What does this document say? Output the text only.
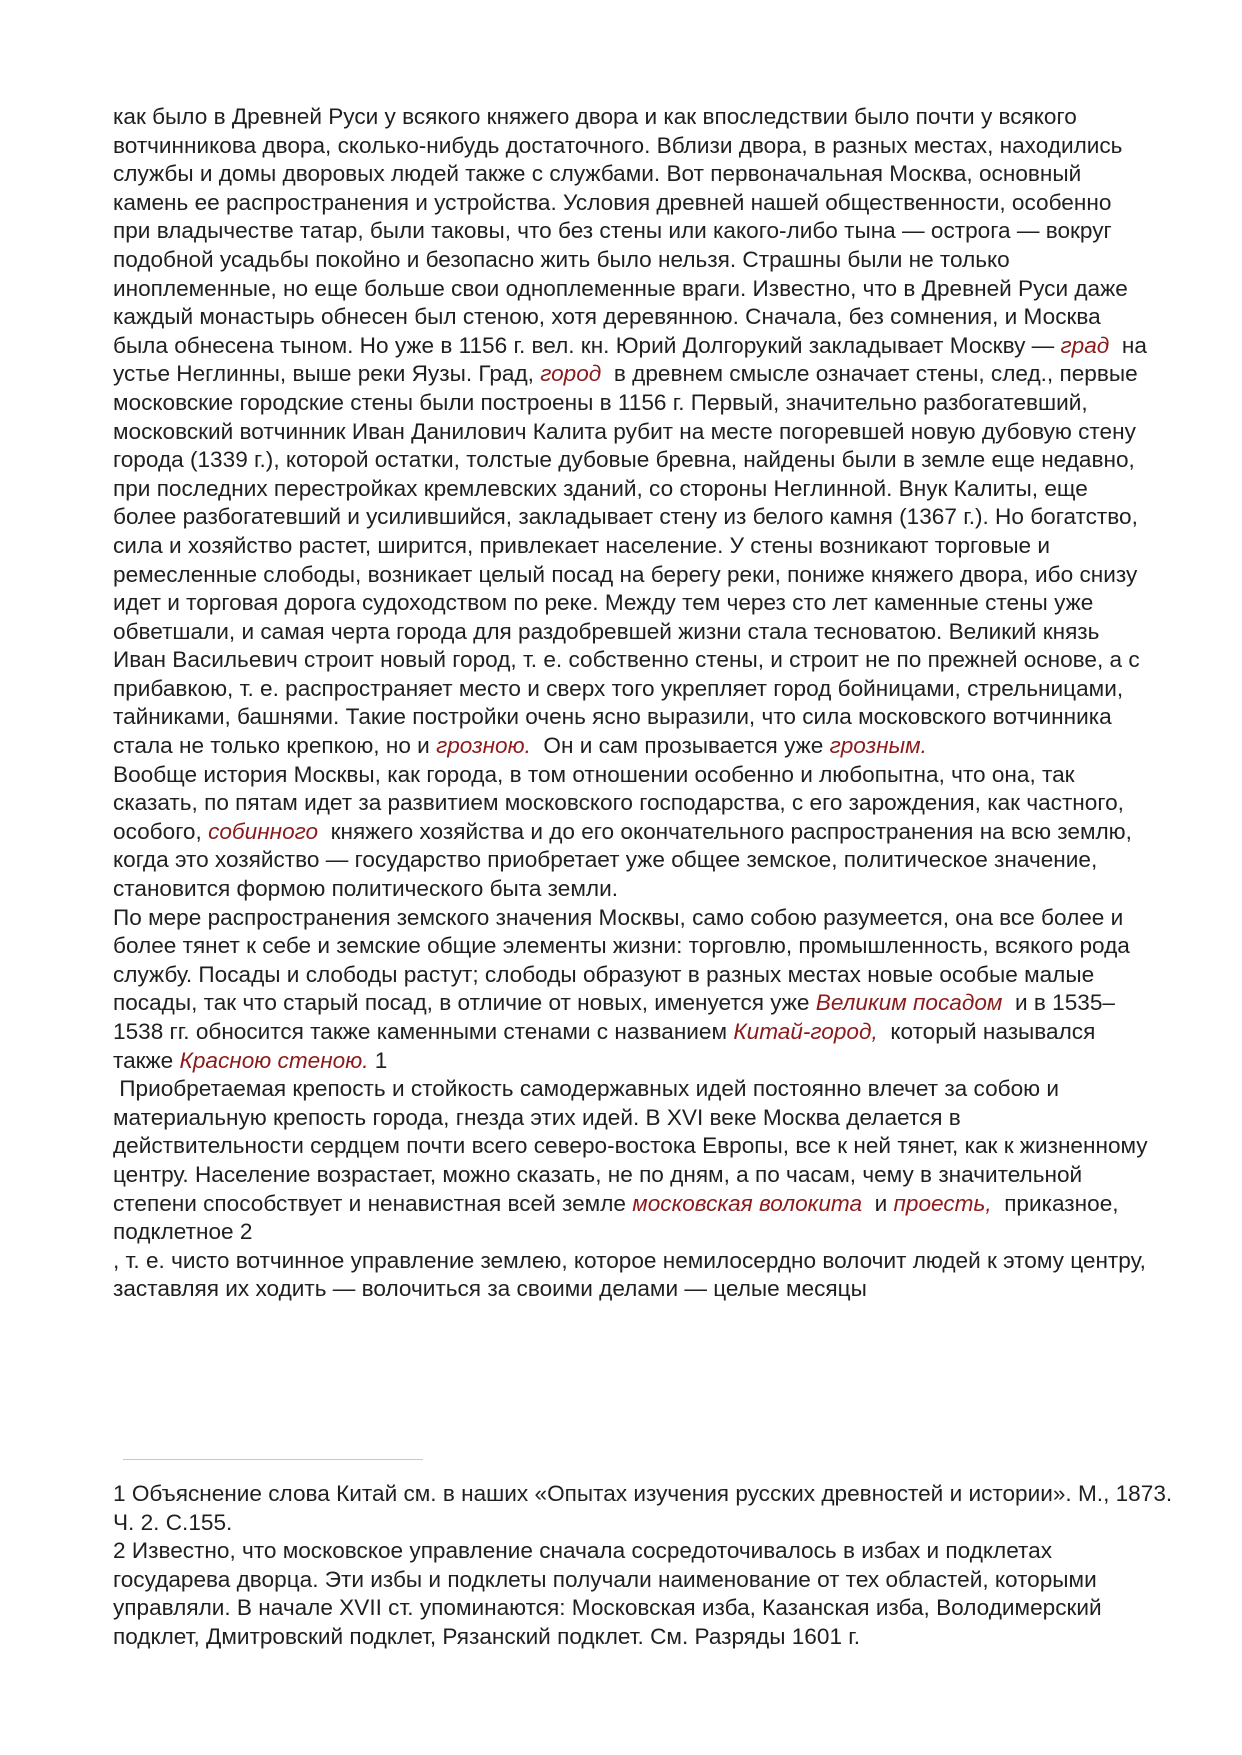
как было в Древней Руси у всякого княжего двора и как впоследствии было почти у всякого вотчинникова двора, сколько-нибудь достаточного. Вблизи двора, в разных местах, находились службы и домы дворовых людей также с службами. Вот первоначальная Москва, основный камень ее распространения и устройства. Условия древней нашей общественности, особенно при владычестве татар, были таковы, что без стены или какого-либо тына — острога — вокруг подобной усадьбы покойно и безопасно жить было нельзя. Страшны были не только иноплеменные, но еще больше свои одноплеменные враги. Известно, что в Древней Руси даже каждый монастырь обнесен был стеною, хотя деревянною. Сначала, без сомнения, и Москва была обнесена тыном. Но уже в 1156 г. вел. кн. Юрий Долгорукий закладывает Москву — град  на устье Неглинны, выше реки Яузы. Град, город  в древнем смысле означает стены, след., первые московские городские стены были построены в 1156 г. Первый, значительно разбогатевший, московский вотчинник Иван Данилович Калита рубит на месте погоревшей новую дубовую стену города (1339 г.), которой остатки, толстые дубовые бревна, найдены были в земле еще недавно, при последних перестройках кремлевских зданий, со стороны Неглинной. Внук Калиты, еще более разбогатевший и усилившийся, закладывает стену из белого камня (1367 г.). Но богатство, сила и хозяйство растет, ширится, привлекает население. У стены возникают торговые и ремесленные слободы, возникает целый посад на берегу реки, пониже княжего двора, ибо снизу идет и торговая дорога судоходством по реке. Между тем через сто лет каменные стены уже обветшали, и самая черта города для раздобревшей жизни стала тесноватою. Великий князь Иван Васильевич строит новый город, т. е. собственно стены, и строит не по прежней основе, а с прибавкою, т. е. распространяет место и сверх того укрепляет город бойницами, стрельницами, тайниками, башнями. Такие постройки очень ясно выразили, что сила московского вотчинника стала не только крепкою, но и грозною.  Он и сам прозывается уже грозным.

Вообще история Москвы, как города, в том отношении особенно и любопытна, что она, так сказать, по пятам идет за развитием московского господарства, с его зарождения, как частного, особого, собинного  княжего хозяйства и до его окончательного распространения на всю землю, когда это хозяйство — государство приобретает уже общее земское, политическое значение, становится формою политического быта земли.

По мере распространения земского значения Москвы, само собою разумеется, она все более и более тянет к себе и земские общие элементы жизни: торговлю, промышленность, всякого рода службу. Посады и слободы растут; слободы образуют в разных местах новые особые малые посады, так что старый посад, в отличие от новых, именуется уже Великим посадом  и в 1535–1538 гг. обносится также каменными стенами с названием Китай-город,  который назывался также Красною стеною. 1

Приобретаемая крепость и стойкость самодержавных идей постоянно влечет за собою и материальную крепость города, гнезда этих идей. В XVI веке Москва делается в действительности сердцем почти всего северо-востока Европы, все к ней тянет, как к жизненному центру. Население возрастает, можно сказать, не по дням, а по часам, чему в значительной степени способствует и ненавистная всей земле московская волокита  и проесть,  приказное, подклетное 2

, т. е. чисто вотчинное управление землею, которое немилосердно волочит людей к этому центру, заставляя их ходить — волочиться за своими делами — целые месяцы

1 Объяснение слова Китай см. в наших «Опытах изучения русских древностей и истории». М., 1873. Ч. 2. С.155.

2 Известно, что московское управление сначала сосредоточивалось в избах и подклетах государева дворца. Эти избы и подклеты получали наименование от тех областей, которыми управляли. В начале XVII ст. упоминаются: Московская изба, Казанская изба, Володимерский подклет, Дмитровский подклет, Рязанский подклет. См. Разряды 1601 г.
